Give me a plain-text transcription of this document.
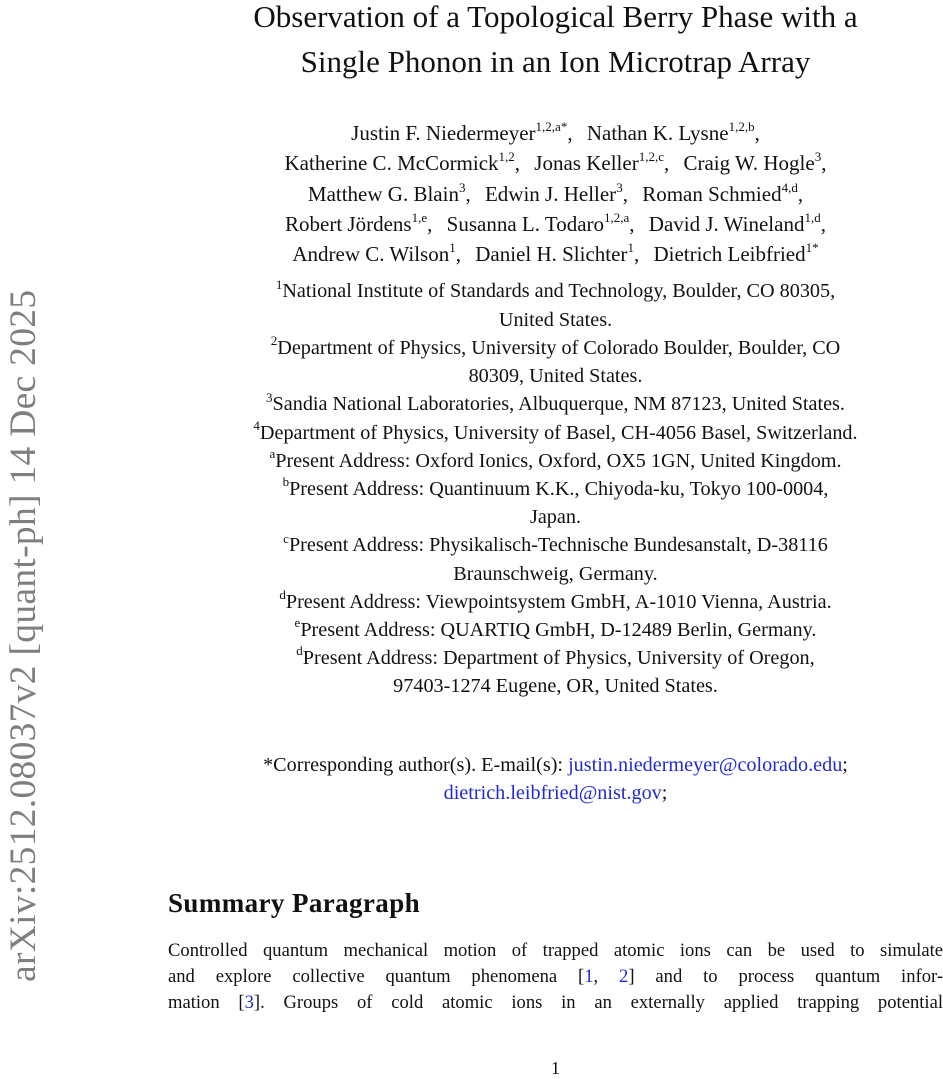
arXiv:2512.08037v2 [quant-ph] 14 Dec 2025
Observation of a Topological Berry Phase with a
Single Phonon in an Ion Microtrap Array
Justin F. Niedermeyer$^{1,2,a*}$, Nathan K. Lysne$^{1,2,b}$,
Katherine C. McCormick$^{1,2}$, Jonas Keller$^{1,2,c}$, Craig W. Hogle$^3$,
Matthew G. Blain$^3$, Edwin J. Heller$^3$, Roman Schmied$^{4,d}$,
Robert Jördens$^{1,e}$, Susanna L. Todaro$^{1,2,a}$, David J. Wineland$^{1,d}$,
Andrew C. Wilson$^1$, Daniel H. Slichter$^1$, Dietrich Leibfried$^{1*}$
$^1$National Institute of Standards and Technology, Boulder, CO 80305,
United States.
$^2$Department of Physics, University of Colorado Boulder, Boulder, CO
80309, United States.
$^3$Sandia National Laboratories, Albuquerque, NM 87123, United States.
$^4$Department of Physics, University of Basel, CH-4056 Basel, Switzerland.
$^a$Present Address: Oxford Ionics, Oxford, OX5 1GN, United Kingdom.
$^b$Present Address: Quantinuum K.K., Chiyoda-ku, Tokyo 100-0004,
Japan.
$^c$Present Address: Physikalisch-Technische Bundesanstalt, D-38116
Braunschweig, Germany.
$^d$Present Address: Viewpointsystem GmbH, A-1010 Vienna, Austria.
$^e$Present Address: QUARTIQ GmbH, D-12489 Berlin, Germany.
$^d$Present Address: Department of Physics, University of Oregon,
97403-1274 Eugene, OR, United States.
*Corresponding author(s). E-mail(s): justin.niedermeyer@colorado.edu;
dietrich.leibfried@nist.gov;
Summary Paragraph
Controlled quantum mechanical motion of trapped atomic ions can be used to simulate
and explore collective quantum phenomena [1, 2] and to process quantum infor-
mation [3]. Groups of cold atomic ions in an externally applied trapping potential
1
